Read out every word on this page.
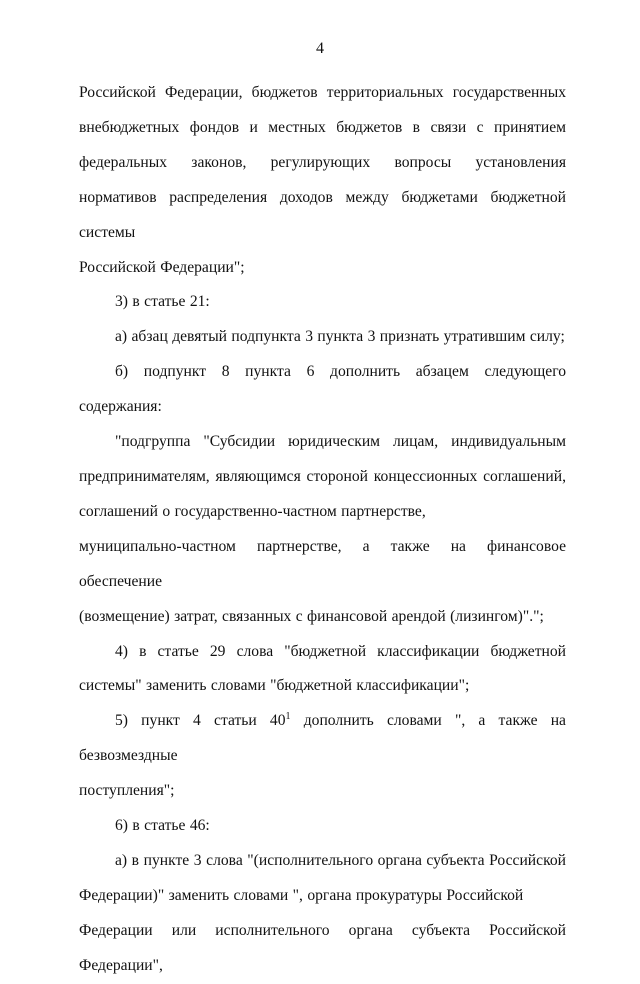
4

Российской Федерации, бюджетов территориальных государственных внебюджетных фондов и местных бюджетов в связи с принятием федеральных законов, регулирующих вопросы установления нормативов распределения доходов между бюджетами бюджетной системы

Российской Федерации";

3) в статье 21:

а) абзац девятый подпункта 3 пункта 3 признать утратившим силу;

б) подпункт 8 пункта 6 дополнить абзацем следующего содержания:

"подгруппа "Субсидии юридическим лицам, индивидуальным предпринимателям, являющимся стороной концессионных соглашений, соглашений о государственно-частном партнерстве,

муниципально-частном партнерстве, а также на финансовое обеспечение

(возмещение) затрат, связанных с финансовой арендой (лизингом)".";

4) в статье 29 слова "бюджетной классификации бюджетной

системы" заменить словами "бюджетной классификации";

5) пункт 4 статьи $40^1$ дополнить словами ", а также на безвозмездные

поступления";

6) в статье 46:

а) в пункте 3 слова "(исполнительного органа субъекта Российской Федерации)" заменить словами ", органа прокуратуры Российской

Федерации или исполнительного органа субъекта Российской Федерации",
